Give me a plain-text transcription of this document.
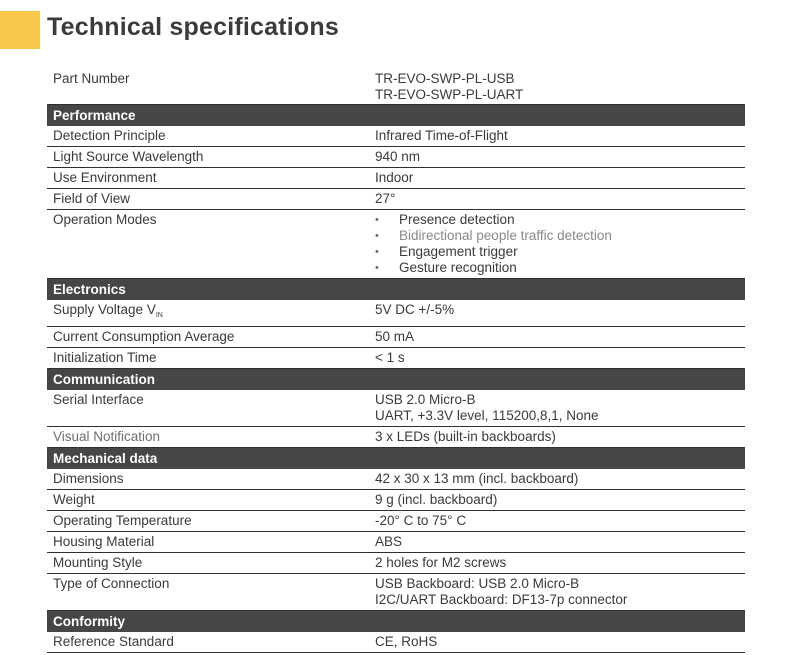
Technical specifications
Part Number	TR-EVO-SWP-PL-USB
TR-EVO-SWP-PL-UART
Performance
Detection Principle	Infrared Time-of-Flight
Light Source Wavelength	940 nm
Use Environment	Indoor
Field of View	27°
Operation Modes
•	Presence detection
• Bidirectional people traffic detection
• Engagement trigger
• Gesture recognition
Electronics
Supply Voltage $V_{IN}$	5V DC +/-5%
Current Consumption Average	50 mA
Initialization Time	< 1 s
Communication
Serial Interface	USB 2.0 Micro-B
UART, +3.3V level, 115200,8,1, None
Visual Notification	3 x LEDs (built-in backboards)
Mechanical data
Dimensions	42 x 30 x 13 mm (incl. backboard)
Weight	9 g (incl. backboard)
Operating Temperature	-20° C to 75° C
Housing Material	ABS
Mounting Style	2 holes for M2 screws
Type of Connection	USB Backboard: USB 2.0 Micro-B
I2C/UART Backboard: DF13-7p connector
Conformity
Reference Standard	CE, RoHS
